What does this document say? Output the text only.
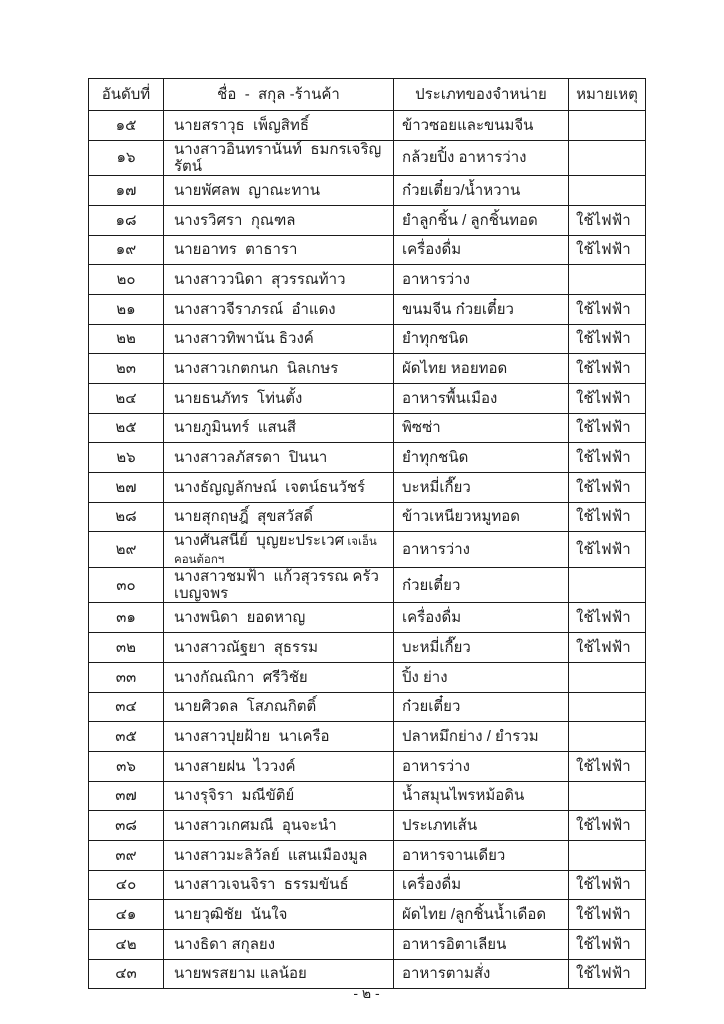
อันดับที่	ชื่อ  -  สกุล -ร้านค้า	ประเภทของจำหน่าย	หมายเหตุ
๑๕	นายสราวุธ  เพ็ญสิทธิ์	ข้าวซอยและขนมจีน	
๑๖	นางสาวอินทรานันท์  ธมกรเจริญรัตน์	กล้วยปิ้ง อาหารว่าง	
๑๗	นายพัศลพ  ญาณะทาน	ก๋วยเตี๋ยว/น้ำหวาน	
๑๘	นางรวิศรา  กุณฑล	ยำลูกชิ้น / ลูกชิ้นทอด	ใช้ไฟฟ้า
๑๙	นายอาทร  ตาธารา	เครื่องดื่ม	ใช้ไฟฟ้า
๒๐	นางสาววนิดา  สุวรรณท้าว	อาหารว่าง	
๒๑	นางสาวจีราภรณ์  อำแดง	ขนมจีน ก๋วยเตี๋ยว	ใช้ไฟฟ้า
๒๒	นางสาวทิพานัน ธิวงค์	ยำทุกชนิด	ใช้ไฟฟ้า
๒๓	นางสาวเกตกนก  นิลเกษร	ผัดไทย หอยทอด	ใช้ไฟฟ้า
๒๔	นายธนภัทร  โท่นตั้ง	อาหารพื้นเมือง	ใช้ไฟฟ้า
๒๕	นายภูมินทร์  แสนสี	พิซซ่า	ใช้ไฟฟ้า
๒๖	นางสาวลภัสรดา  ปินนา	ยำทุกชนิด	ใช้ไฟฟ้า
๒๗	นางธัญญลักษณ์  เจตน์ธนวัชร์	บะหมี่เกี๊ยว	ใช้ไฟฟ้า
๒๘	นายสุกฤษฎิ์  สุขสวัสดิ์	ข้าวเหนียวหมูทอด	ใช้ไฟฟ้า
๒๙	นางศันสนีย์  บุญยะประเวศ เจเอ็นคอนต้อกฯ	อาหารว่าง	ใช้ไฟฟ้า
๓๐	นางสาวชมฟ้า  แก้วสุวรรณ ครัวเบญจพร	ก๋วยเตี๋ยว	
๓๑	นางพนิดา  ยอดหาญ	เครื่องดื่ม	ใช้ไฟฟ้า
๓๒	นางสาวณัฐยา  สุธรรม	บะหมี่เกี๊ยว	ใช้ไฟฟ้า
๓๓	นางกัณณิกา  ศรีวิชัย	ปิ้ง ย่าง	
๓๔	นายศิวดล  โสภณกิตติ์	ก๋วยเตี๋ยว	
๓๕	นางสาวปุยฝ้าย  นาเครือ	ปลาหมึกย่าง / ยำรวม	
๓๖	นางสายฝน  ไววงค์	อาหารว่าง	ใช้ไฟฟ้า
๓๗	นางรุจิรา  มณีขัติย์	น้ำสมุนไพรหม้อดิน	
๓๘	นางสาวเกศมณี  อุนจะนำ	ประเภทเส้น	ใช้ไฟฟ้า
๓๙	นางสาวมะลิวัลย์  แสนเมืองมูล	อาหารจานเดียว	
๔๐	นางสาวเจนจิรา  ธรรมขันธ์	เครื่องดื่ม	ใช้ไฟฟ้า
๔๑	นายวุฒิชัย  นันใจ	ผัดไทย /ลูกชิ้นน้ำเดือด	ใช้ไฟฟ้า
๔๒	นางธิดา สกุลยง	อาหารอิตาเลียน	ใช้ไฟฟ้า
๔๓	นายพรสยาม แลน้อย	อาหารตามสั่ง	ใช้ไฟฟ้า
- ๒ -
